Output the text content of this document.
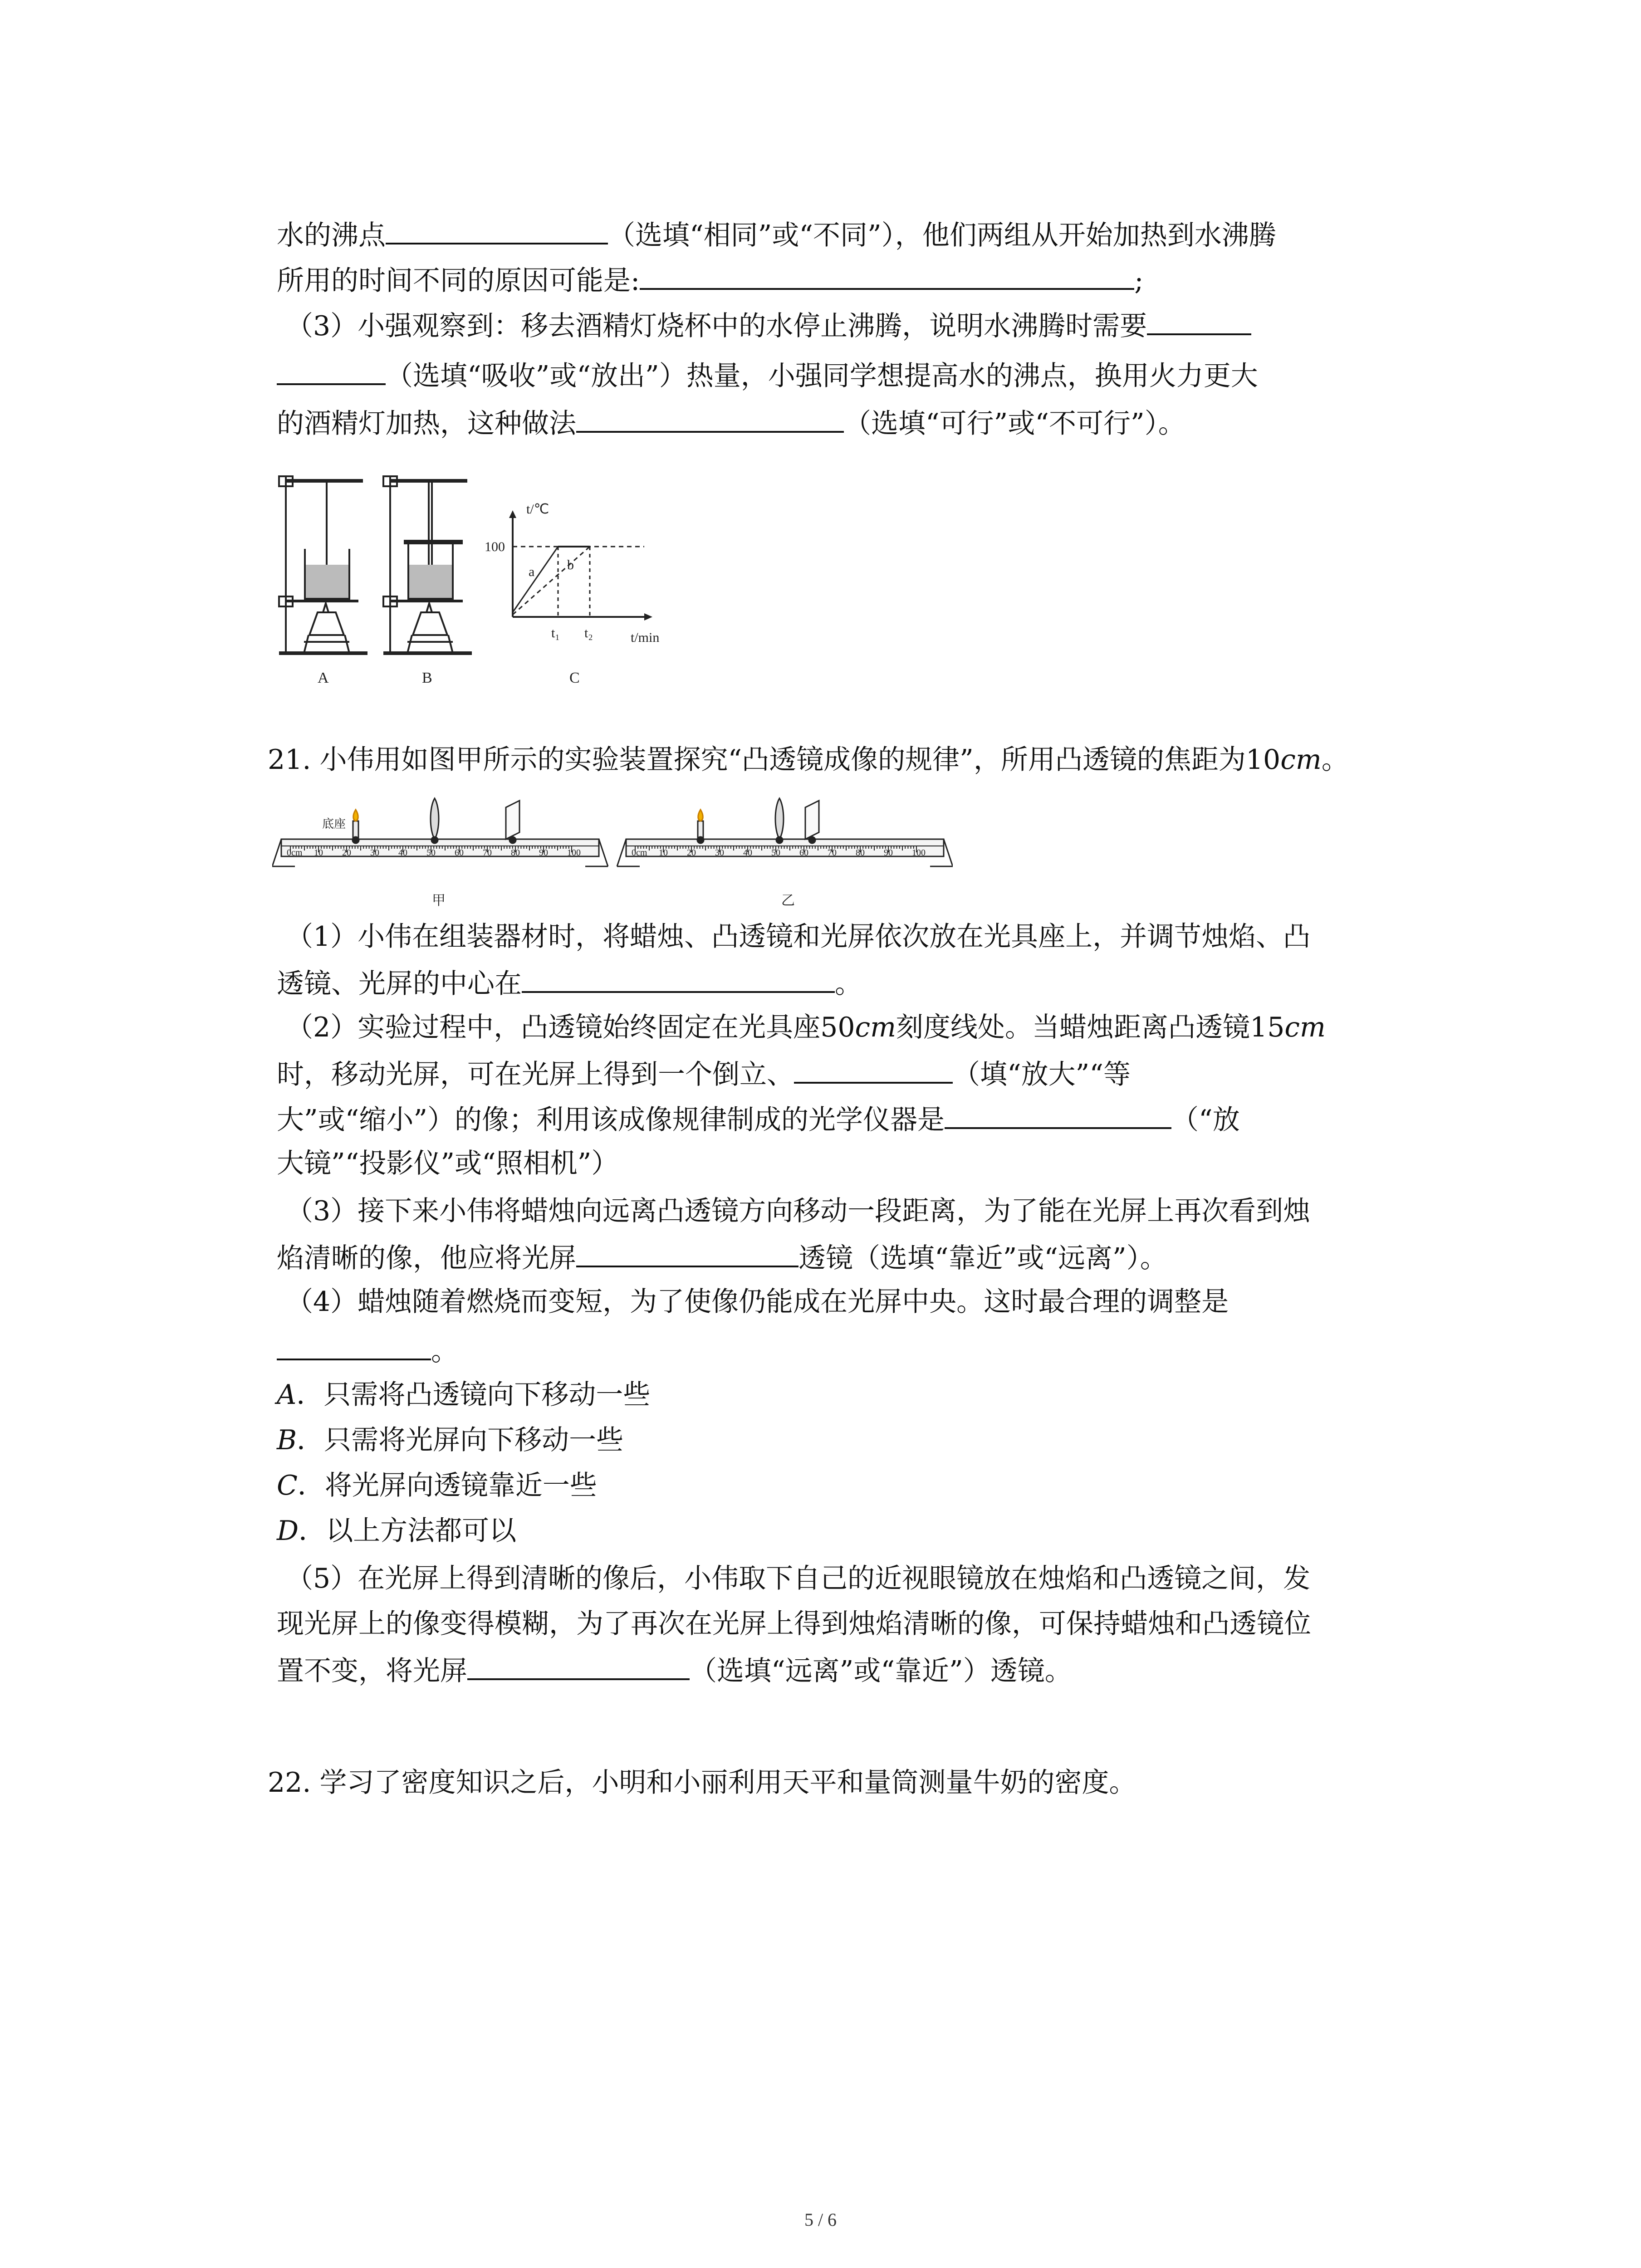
水的沸点	（选填“相同”或“不同”），他们两组从开始加热到水沸腾
所用的时间不同的原因可能是:	;
（3）小强观察到：移去酒精灯烧杯中的水停止沸腾，说明水沸腾时需要
（选填“吸收”或“放出”）热量，小强同学想提高水的沸点，换用火力更大
的酒精灯加热，这种做法	（选填“可行”或“不可行”）。
t/℃
100
a b
t₁ t₂	t/min
A	B	C
21. 小伟用如图甲所示的实验装置探究“凸透镜成像的规律”，所用凸透镜的焦距为10cm。
底座
0cm 10 20 30 40 50 60 70 80 90 100	0cm 10 20 30 40 50 60 70 80 90 100
甲	乙
（1）小伟在组装器材时，将蜡烛、凸透镜和光屏依次放在光具座上，并调节烛焰、凸
透镜、光屏的中心在	。
（2）实验过程中，凸透镜始终固定在光具座50cm刻度线处。当蜡烛距离凸透镜15cm
时，移动光屏，可在光屏上得到一个倒立、	（填“放大”“等
大”或“缩小”）的像；利用该成像规律制成的光学仪器是	（“放
大镜”“投影仪”或“照相机”）
（3）接下来小伟将蜡烛向远离凸透镜方向移动一段距离，为了能在光屏上再次看到烛
焰清晰的像，他应将光屏	透镜（选填“靠近”或“远离”）。
（4）蜡烛随着燃烧而变短，为了使像仍能成在光屏中央。这时最合理的调整是
。
A．只需将凸透镜向下移动一些
B．只需将光屏向下移动一些
C．将光屏向透镜靠近一些
D．以上方法都可以
（5）在光屏上得到清晰的像后，小伟取下自己的近视眼镜放在烛焰和凸透镜之间，发
现光屏上的像变得模糊，为了再次在光屏上得到烛焰清晰的像，可保持蜡烛和凸透镜位
置不变，将光屏	（选填“远离”或“靠近”）透镜。
22. 学习了密度知识之后，小明和小丽利用天平和量筒测量牛奶的密度。
5 / 6
